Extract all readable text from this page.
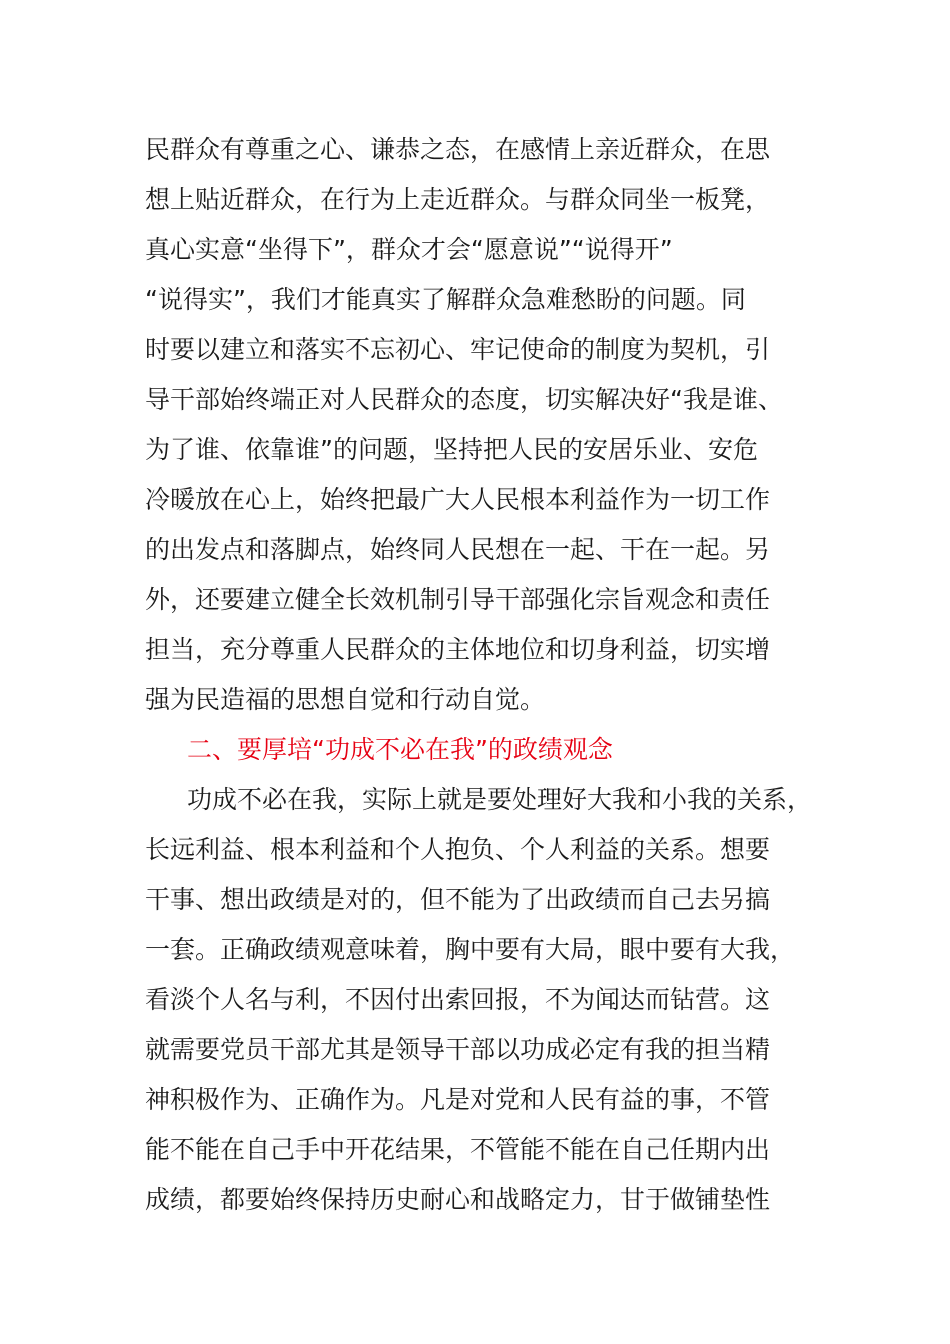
民群众有尊重之心、谦恭之态，在感情上亲近群众，在思
想上贴近群众，在行为上走近群众。与群众同坐一板凳，
真心实意“坐得下”，群众才会“愿意说”“说得开”
“说得实”，我们才能真实了解群众急难愁盼的问题。同
时要以建立和落实不忘初心、牢记使命的制度为契机，引
导干部始终端正对人民群众的态度，切实解决好“我是谁、
为了谁、依靠谁”的问题，坚持把人民的安居乐业、安危
冷暖放在心上，始终把最广大人民根本利益作为一切工作
的出发点和落脚点，始终同人民想在一起、干在一起。另
外，还要建立健全长效机制引导干部强化宗旨观念和责任
担当，充分尊重人民群众的主体地位和切身利益，切实增
强为民造福的思想自觉和行动自觉。
二、要厚培“功成不必在我”的政绩观念
功成不必在我，实际上就是要处理好大我和小我的关系，
长远利益、根本利益和个人抱负、个人利益的关系。想要
干事、想出政绩是对的，但不能为了出政绩而自己去另搞
一套。正确政绩观意味着，胸中要有大局，眼中要有大我，
看淡个人名与利，不因付出索回报，不为闻达而钻营。这
就需要党员干部尤其是领导干部以功成必定有我的担当精
神积极作为、正确作为。凡是对党和人民有益的事，不管
能不能在自己手中开花结果，不管能不能在自己任期内出
成绩，都要始终保持历史耐心和战略定力，甘于做铺垫性
